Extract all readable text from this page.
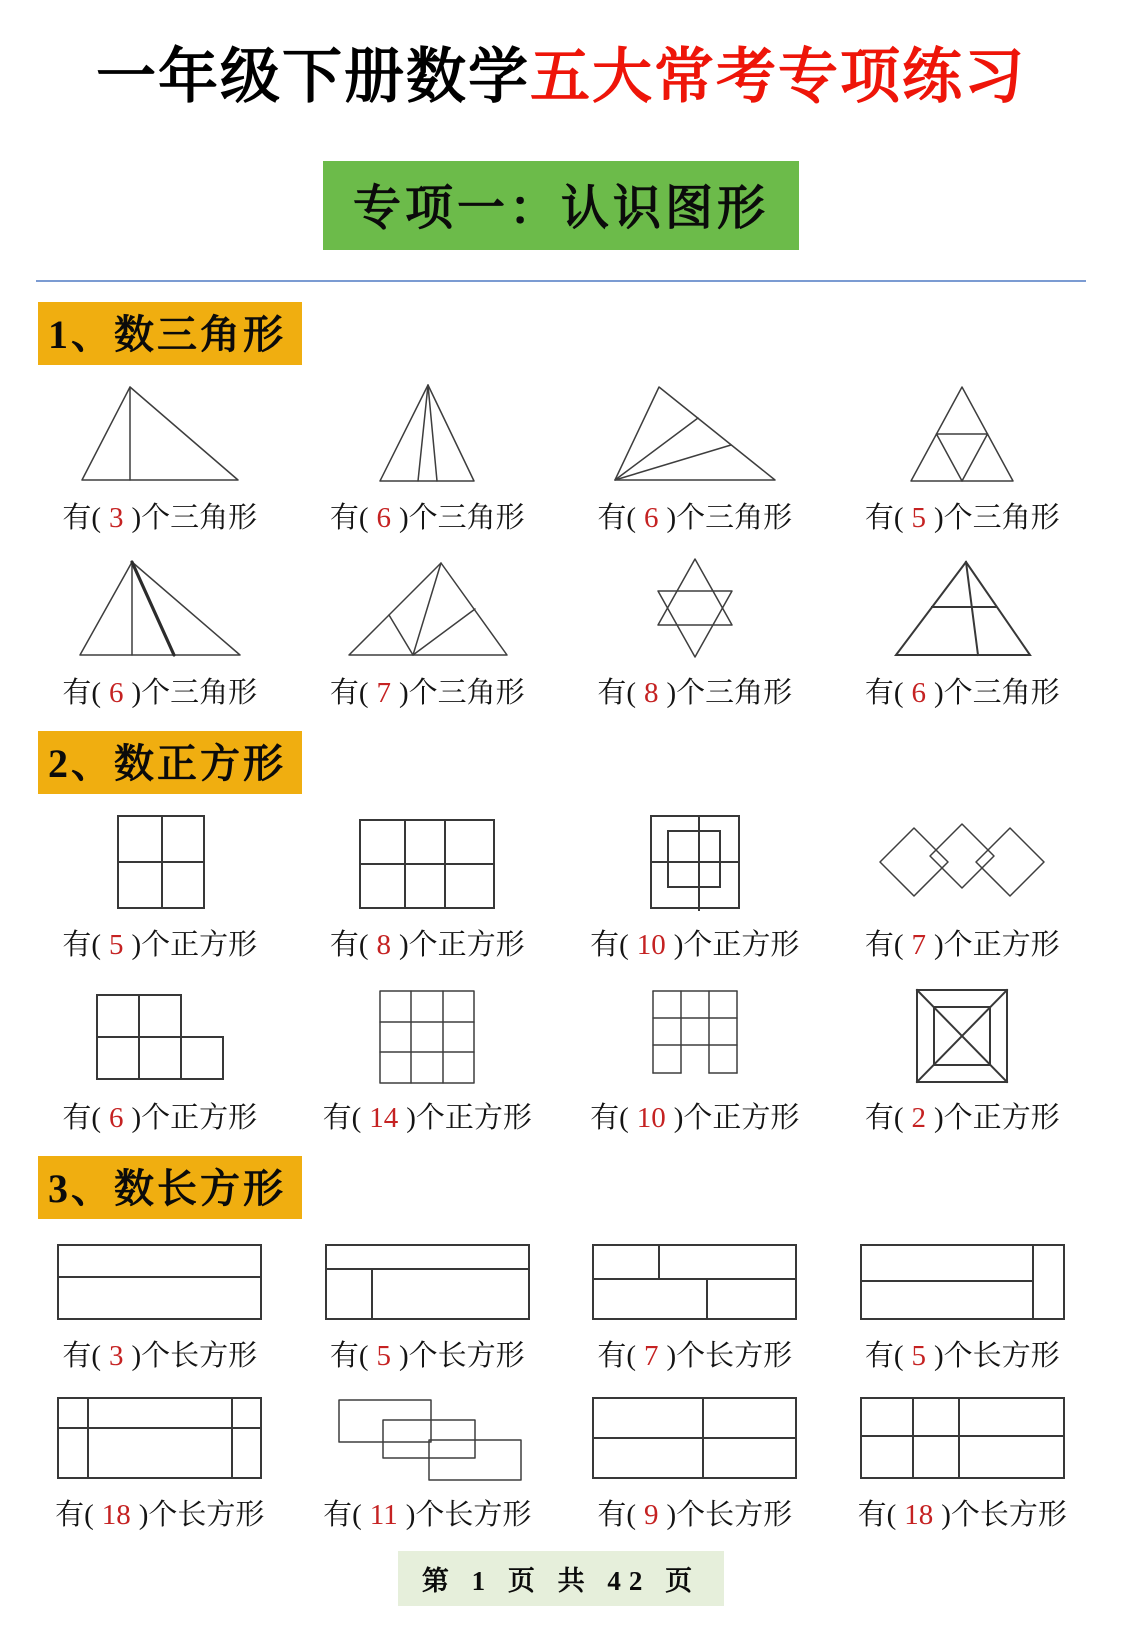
一年级下册数学五大常考专项练习
专项一：认识图形
1、数三角形
有( 3 )个三角形	有( 6 )个三角形	有( 6 )个三角形	有( 5 )个三角形
有( 6 )个三角形	有( 7 )个三角形	有( 8 )个三角形	有( 6 )个三角形
2、数正方形
有( 5 )个正方形	有( 8 )个正方形	有( 10 )个正方形	有( 7 )个正方形
有( 6 )个正方形	有( 14 )个正方形	有( 10 )个正方形	有( 2 )个正方形
3、数长方形
有( 3 )个长方形	有( 5 )个长方形	有( 7 )个长方形	有( 5 )个长方形
有( 18 )个长方形	有( 11 )个长方形	有( 9 )个长方形	有( 18 )个长方形
第 1 页 共 42 页
